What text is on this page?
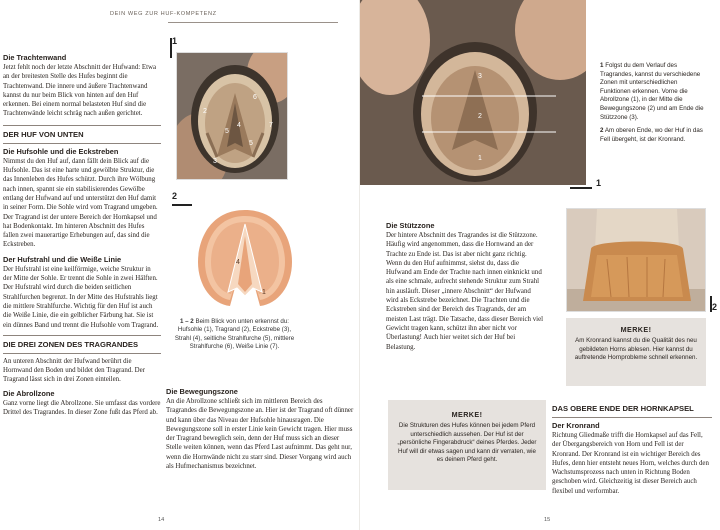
DEIN WEG ZUR HUF-KOMPETENZ
Die Trachtenwand
Jetzt fehlt noch der letzte Abschnitt der Hufwand: Etwa an der breitesten Stelle des Hufes beginnt die Trachtenwand. Die innere und äußere Trachtenwand kannst du nur beim Blick von hinten auf den Huf erkennen. Bei einem normal belasteten Huf sind die Trachtenwände leicht schräg nach außen gerichtet.
DER HUF VON UNTEN
Die Hufsohle und die Eckstreben
Nimmst du den Huf auf, dann fällt dein Blick auf die Hufsohle. Das ist eine harte und gewölbte Struktur, die das Innenleben des Hufes schützt. Durch ihre Wölbung nach innen, spannt sie ein stabilisierendes Gewölbe entlang der Hufwand auf und unterstützt den Huf damit in seiner Form. Die Sohle wird vom Tragrand umgeben. Der Tragrand ist der untere Bereich der Hornkapsel und hat Bodenkontakt. Im hinteren Abschnitt des Hufes fallen zwei mauerartige Erhebungen auf, das sind die Eckstreben.
Der Hufstrahl und die Weiße Linie
Der Hufstrahl ist eine keilförmige, weiche Struktur in der Mitte der Sohle. Er trennt die Sohle in zwei Hälften. Der Hufstrahl wird durch die beiden seitlichen Strahlfurchen begrenzt. In der Mitte des Hufstrahls liegt die mittlere Strahlfurche. Wichtig für den Huf ist auch die Weiße Linie, die ein gelblicher Färbung hat. Sie ist ein dünnes Band und trennt die Hufsohle vom Tragrand.
DIE DREI ZONEN DES TRAGRANDES
An unteren Abschnitt der Hufwand berührt die Hornwand den Boden und bildet den Tragrand. Der Tragrand lässt sich in drei Zonen einteilen.
Die Abrollzone
Ganz vorne liegt die Abrollzone. Sie umfasst das vordere Drittel des Tragrandes. In dieser Zone fußt das Pferd ab.
1
6
2
5
4	7
5
3
2
4
1
1 – 2 Beim Blick von unten erkennst du: Hufsohle (1), Tragrand (2), Eckstrebe (3), Strahl (4), seitliche Strahlfurche (5), mittlere Strahlfurche (6), Weiße Linie (7).
Die Bewegungszone
An die Abrollzone schließt sich im mittleren Bereich des Tragrandes die Bewegungszone an. Hier ist der Tragrand oft dünner und kann über das Niveau der Hufsohle hinausragen. Die Bewegungszone soll in erster Linie kein Gewicht tragen. Hier muss der Tragrand beweglich sein, denn der Huf muss sich an dieser Stelle weiten können, wenn das Pferd Last aufnimmt. Das geht nur, wenn die Hornwände nicht zu starr sind. Dieser Vorgang wird auch als Hufmechanismus bezeichnet.
14
3
2
1
1
1 Folgst du dem Verlauf des Tragrandes, kannst du verschiedene Zonen mit unterschiedlichen Funktionen erkennen. Vorne die Abrollzone (1), in der Mitte die Bewegungszone (2) und am Ende die Stützzone (3).
2 Am oberen Ende, wo der Huf in das Fell übergeht, ist der Kronrand.
Die Stützzone
Der hintere Abschnitt des Tragrandes ist die Stützzone. Häufig wird angenommen, dass die Hornwand an der Trachte zu Ende ist. Das ist aber nicht ganz richtig. Wenn du den Huf aufnimmst, siehst du, dass die Hufwand am Ende der Trachte nach innen einknickt und als eine schmale, aufrecht stehende Struktur zum Strahl hin ausläuft. Dieser „innere Abschnitt“ der Hufwand wird als Eckstrebe bezeichnet. Die Trachten und die Eckstreben sind der Bereich des Tragrands, der am meisten Last trägt. Die Tatsache, dass dieser Bereich viel Gewicht tragen kann, schützt ihn aber nicht vor Überlastung! Auch hier weitet sich der Huf bei Belastung.
2
MERKE!
Am Kronrand kannst du die Qualität des neu gebildeten Horns ablesen. Hier kannst du auftretende Hornprobleme schnell erkennen.
MERKE!
Die Strukturen des Hufes können bei jedem Pferd unterschiedlich aussehen. Der Huf ist der „persönliche Fingerabdruck“ deines Pferdes. Jeder Huf will dir etwas sagen und kann dir verraten, wie es deinem Pferd geht.
DAS OBERE ENDE DER HORNKAPSEL
Der Kronrand
Richtung Gliedmaße trifft die Hornkapsel auf das Fell, der Übergangsbereich von Horn und Fell ist der Kronrand. Der Kronrand ist ein wichtiger Bereich des Hufes, denn hier entsteht neues Horn, welches durch den Wachstumsprozess nach unten in Richtung Boden geschoben wird. Gleichzeitig ist dieser Bereich auch flexibel und verformbar.
15
